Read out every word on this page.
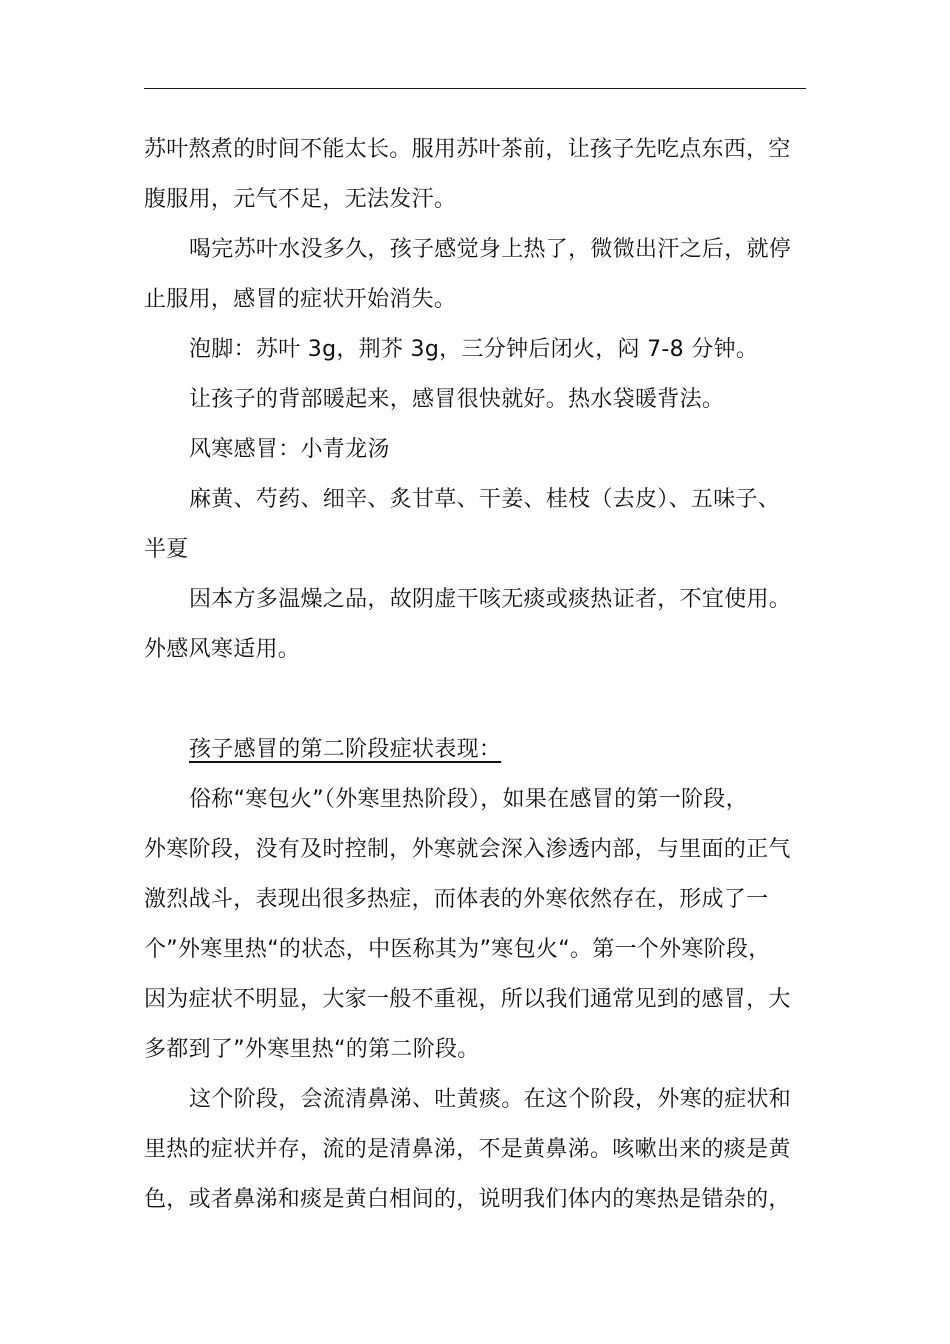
苏叶熬煮的时间不能太长。服用苏叶茶前，让孩子先吃点东西，空
腹服用，元气不足，无法发汗。
喝完苏叶水没多久，孩子感觉身上热了，微微出汗之后，就停
止服用，感冒的症状开始消失。
泡脚：苏叶 3g，荆芥 3g，三分钟后闭火，闷 7-8 分钟。
让孩子的背部暖起来，感冒很快就好。热水袋暖背法。
风寒感冒：小青龙汤
麻黄、芍药、细辛、炙甘草、干姜、桂枝（去皮）、五味子、
半夏
因本方多温燥之品，故阴虚干咳无痰或痰热证者，不宜使用。
外感风寒适用。
孩子感冒的第二阶段症状表现：
俗称“寒包火”（外寒里热阶段），如果在感冒的第一阶段，
外寒阶段，没有及时控制，外寒就会深入渗透内部，与里面的正气
激烈战斗，表现出很多热症，而体表的外寒依然存在，形成了一
个”外寒里热“的状态，中医称其为”寒包火“。第一个外寒阶段，
因为症状不明显，大家一般不重视，所以我们通常见到的感冒，大
多都到了”外寒里热“的第二阶段。
这个阶段，会流清鼻涕、吐黄痰。在这个阶段，外寒的症状和
里热的症状并存，流的是清鼻涕，不是黄鼻涕。咳嗽出来的痰是黄
色，或者鼻涕和痰是黄白相间的，说明我们体内的寒热是错杂的，
